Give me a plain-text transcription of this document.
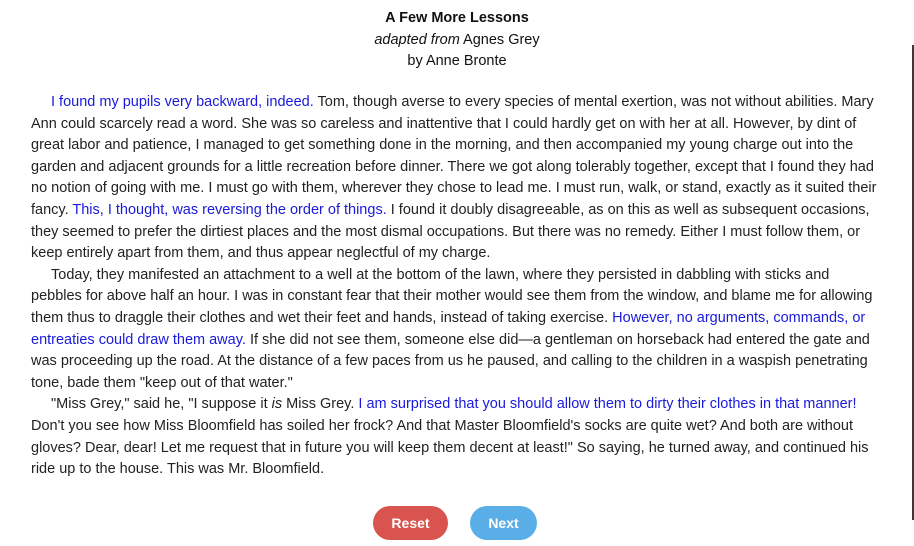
A Few More Lessons
adapted from Agnes Grey
by Anne Bronte

I found my pupils very backward, indeed. Tom, though averse to every species of mental exertion, was not without abilities. Mary Ann could scarcely read a word. She was so careless and inattentive that I could hardly get on with her at all. However, by dint of great labor and patience, I managed to get something done in the morning, and then accompanied my young charge out into the garden and adjacent grounds for a little recreation before dinner. There we got along tolerably together, except that I found they had no notion of going with me. I must go with them, wherever they chose to lead me. I must run, walk, or stand, exactly as it suited their fancy. This, I thought, was reversing the order of things. I found it doubly disagreeable, as on this as well as subsequent occasions, they seemed to prefer the dirtiest places and the most dismal occupations. But there was no remedy. Either I must follow them, or keep entirely apart from them, and thus appear neglectful of my charge.

Today, they manifested an attachment to a well at the bottom of the lawn, where they persisted in dabbling with sticks and pebbles for above half an hour. I was in constant fear that their mother would see them from the window, and blame me for allowing them thus to draggle their clothes and wet their feet and hands, instead of taking exercise. However, no arguments, commands, or entreaties could draw them away. If she did not see them, someone else did—a gentleman on horseback had entered the gate and was proceeding up the road. At the distance of a few paces from us he paused, and calling to the children in a waspish penetrating tone, bade them "keep out of that water."

"Miss Grey," said he, "I suppose it is Miss Grey. I am surprised that you should allow them to dirty their clothes in that manner! Don't you see how Miss Bloomfield has soiled her frock? And that Master Bloomfield's socks are quite wet? And both are without gloves? Dear, dear! Let me request that in future you will keep them decent at least!" So saying, he turned away, and continued his ride up to the house. This was Mr. Bloomfield.

Reset	Next
